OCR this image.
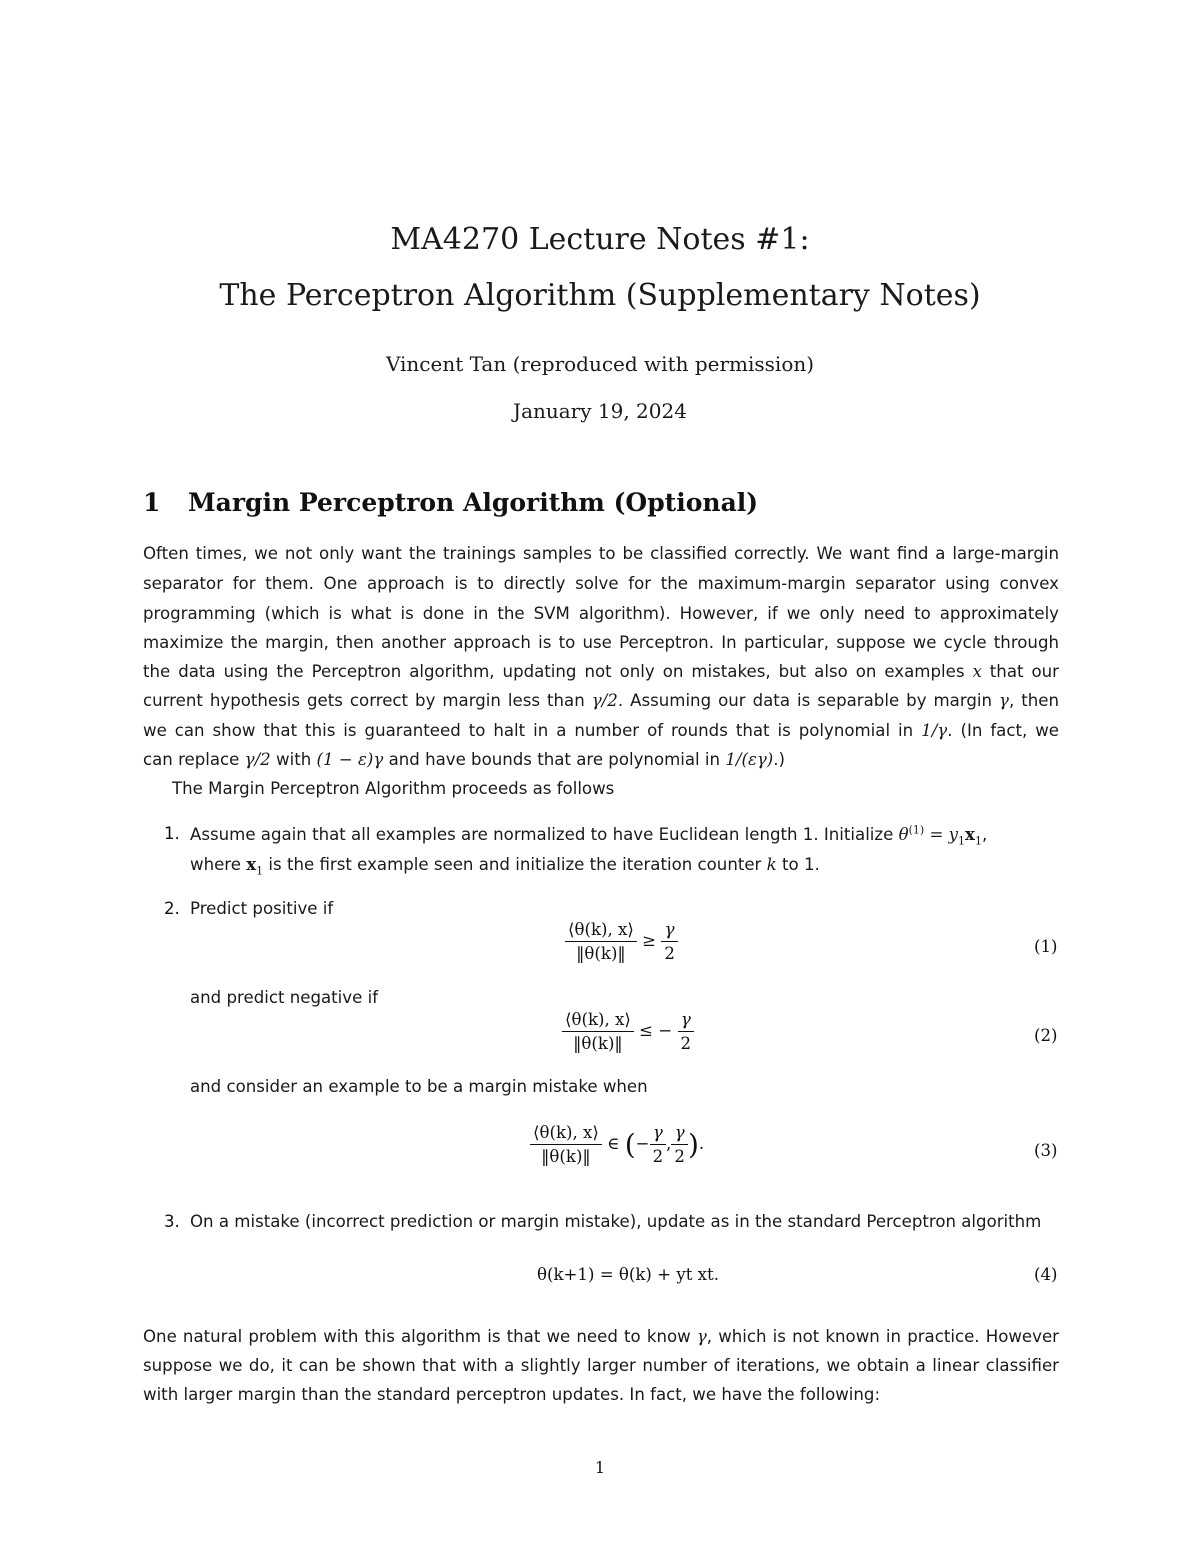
MA4270 Lecture Notes #1:
The Perceptron Algorithm (Supplementary Notes)
Vincent Tan (reproduced with permission)
January 19, 2024
1 Margin Perceptron Algorithm (Optional)
Often times, we not only want the trainings samples to be classified correctly. We want find a large-margin
separator for them. One approach is to directly solve for the maximum-margin separator using convex
programming (which is what is done in the SVM algorithm). However, if we only need to approximately
maximize the margin, then another approach is to use Perceptron. In particular, suppose we cycle through
the data using the Perceptron algorithm, updating not only on mistakes, but also on examples x that our
current hypothesis gets correct by margin less than γ/2. Assuming our data is separable by margin γ, then
we can show that this is guaranteed to halt in a number of rounds that is polynomial in 1/γ. (In fact, we
can replace γ/2 with (1 − ε)γ and have bounds that are polynomial in 1/(εγ).)
The Margin Perceptron Algorithm proceeds as follows
1. Assume again that all examples are normalized to have Euclidean length 1. Initialize $\theta^{(1)} = y_1x_1$,
where $x_1$ is the first example seen and initialize the iteration counter k to 1.
2. Predict positive if
$\frac{⟨\theta(k), x⟩}{‖\theta(k)‖} \ge \frac{\gamma}{2}$	(1)
and predict negative if
$\frac{⟨\theta(k), x⟩}{‖\theta(k)‖}$ ≤ − $\frac{\gamma}{2}$	(2)
and consider an example to be a margin mistake when
$\frac{⟨\theta(k), x⟩}{‖\theta(k)‖}$ ∈ (− $\frac{\gamma}{2}$ , $\frac{\gamma}{2}$ ).	(3)
3. On a mistake (incorrect prediction or margin mistake), update as in the standard Perceptron algorithm
θ(k+1) = θ(k) + yt xt.	(4)
One natural problem with this algorithm is that we need to know γ, which is not known in practice. However
suppose we do, it can be shown that with a slightly larger number of iterations, we obtain a linear classifier
with larger margin than the standard perceptron updates. In fact, we have the following:
1
